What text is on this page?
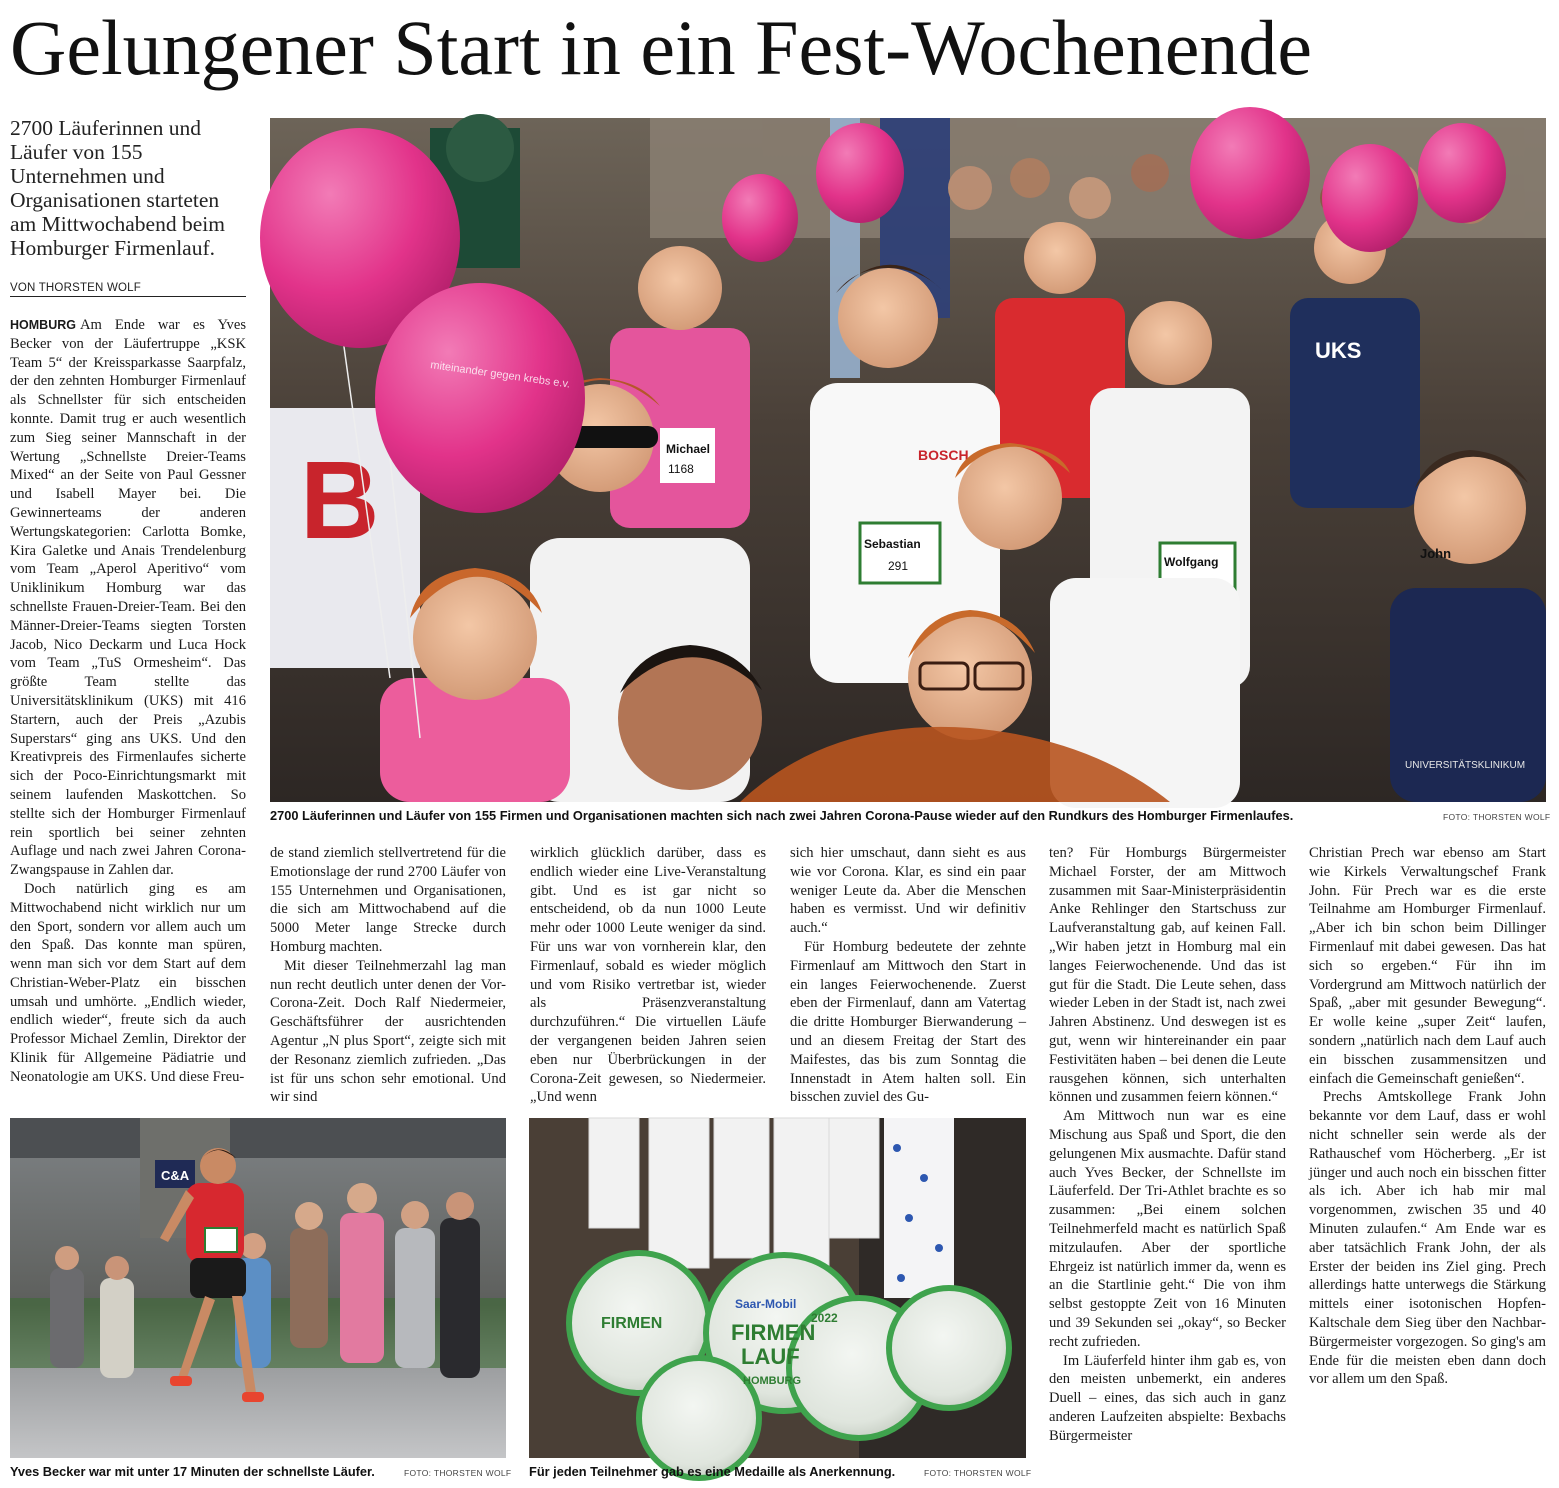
Gelungener Start in ein Fest-Wochenende
2700 Läuferinnen und Läufer von 155 Unternehmen und Organisationen starteten am Mittwochabend beim Homburger Firmenlauf.
VON THORSTEN WOLF

HOMBURG Am Ende war es Yves Becker von der Läufertruppe „KSK Team 5“ der Kreissparkasse Saarpfalz, der den zehnten Homburger Firmenlauf als Schnellster für sich entscheiden konnte. Damit trug er auch wesentlich zum Sieg seiner Mannschaft in der Wertung „Schnellste Dreier-Teams Mixed“ an der Seite von Paul Gessner und Isabell Mayer bei. Die Gewinnerteams der anderen Wertungskategorien: Carlotta Bomke, Kira Galetke und Anais Trendelenburg vom Team „Aperol Aperitivo“ vom Uniklinikum Homburg war das schnellste Frauen-Dreier-Team. Bei den Männer-Dreier-Teams siegten Torsten Jacob, Nico Deckarm und Luca Hock vom Team „TuS Ormesheim“. Das größte Team stellte das Universitätsklinikum (UKS) mit 416 Startern, auch der Preis „Azubis Superstars“ ging ans UKS. Und den Kreativpreis des Firmenlaufes sicherte sich der Poco-Einrichtungsmarkt mit seinem laufenden Maskottchen. So stellte sich der Homburger Firmenlauf rein sportlich bei seiner zehnten Auflage und nach zwei Jahren Corona-Zwangspause in Zahlen dar.

Doch natürlich ging es am Mittwochabend nicht wirklich nur um den Sport, sondern vor allem auch um den Spaß. Das konnte man spüren, wenn man sich vor dem Start auf dem Christian-Weber-Platz ein bisschen umsah und umhörte. „Endlich wieder, endlich wieder“, freute sich da auch Professor Michael Zemlin, Direktor der Klinik für Allgemeine Pädiatrie und Neonatologie am UKS. Und diese Freu-

B	Michael
1168
UKS
Wolfgang
BOSCH
Sebastian
291
UNIVERSITÄTSKLINIKUM
John
miteinander gegen krebs e.v.
2700 Läuferinnen und Läufer von 155 Firmen und Organisationen machten sich nach zwei Jahren Corona-Pause wieder auf den Rundkurs des Homburger Firmenlaufes.	FOTO: THORSTEN WOLF

de stand ziemlich stellvertretend für die Emotionslage der rund 2700 Läufer von 155 Unternehmen und Organisationen, die sich am Mittwochabend auf die 5000 Meter lange Strecke durch Homburg machten.

Mit dieser Teilnehmerzahl lag man nun recht deutlich unter denen der Vor-Corona-Zeit. Doch Ralf Niedermeier, Geschäftsführer der ausrichtenden Agentur „N plus Sport“, zeigte sich mit der Resonanz ziemlich zufrieden. „Das ist für uns schon sehr emotional. Und wir sind

wirklich glücklich darüber, dass es endlich wieder eine Live-Veranstaltung gibt. Und es ist gar nicht so entscheidend, ob da nun 1000 Leute mehr oder 1000 Leute weniger da sind. Für uns war von vornherein klar, den Firmenlauf, sobald es wieder möglich und vom Risiko vertretbar ist, wieder als Präsenzveranstaltung durchzuführen.“ Die virtuellen Läufe der vergangenen beiden Jahren seien eben nur Überbrückungen in der Corona-Zeit gewesen, so Niedermeier. „Und wenn

sich hier umschaut, dann sieht es aus wie vor Corona. Klar, es sind ein paar weniger Leute da. Aber die Menschen haben es vermisst. Und wir definitiv auch.“

Für Homburg bedeutete der zehnte Firmenlauf am Mittwoch den Start in ein langes Feierwochenende. Zuerst eben der Firmenlauf, dann am Vatertag die dritte Homburger Bierwanderung – und an diesem Freitag der Start des Maifestes, das bis zum Sonntag die Innenstadt in Atem halten soll. Ein bisschen zuviel des Gu-

ten? Für Homburgs Bürgermeister Michael Forster, der am Mittwoch zusammen mit Saar-Ministerpräsidentin Anke Rehlinger den Startschuss zur Laufveranstaltung gab, auf keinen Fall. „Wir haben jetzt in Homburg mal ein langes Feierwochenende. Und das ist gut für die Stadt. Die Leute sehen, dass wieder Leben in der Stadt ist, nach zwei Jahren Abstinenz. Und deswegen ist es gut, wenn wir hintereinander ein paar Festivitäten haben – bei denen die Leute rausgehen können, sich unterhalten können und zusammen feiern können.“

Am Mittwoch nun war es eine Mischung aus Spaß und Sport, die den gelungenen Mix ausmachte. Dafür stand auch Yves Becker, der Schnellste im Läuferfeld. Der Tri-Athlet brachte es so zusammen: „Bei einem solchen Teilnehmerfeld macht es natürlich Spaß mitzulaufen. Aber der sportliche Ehrgeiz ist natürlich immer da, wenn es an die Startlinie geht.“ Die von ihm selbst gestoppte Zeit von 16 Minuten und 39 Sekunden sei „okay“, so Becker recht zufrieden.

Im Läuferfeld hinter ihm gab es, von den meisten unbemerkt, ein anderes Duell – eines, das sich auch in ganz anderen Laufzeiten abspielte: Bexbachs Bürgermeister

Christian Prech war ebenso am Start wie Kirkels Verwaltungschef Frank John. Für Prech war es die erste Teilnahme am Homburger Firmenlauf. „Aber ich bin schon beim Dillinger Firmenlauf mit dabei gewesen. Das hat sich so ergeben.“ Für ihn im Vordergrund am Mittwoch natürlich der Spaß, „aber mit gesunder Bewegung“. Er wolle keine „super Zeit“ laufen, sondern „natürlich nach dem Lauf auch ein bisschen zusammensitzen und einfach die Gemeinschaft genießen“.

Prechs Amtskollege Frank John bekannte vor dem Lauf, dass er wohl nicht schneller sein werde als der Rathauschef vom Höcherberg. „Er ist jünger und auch noch ein bisschen fitter als ich. Aber ich hab mir mal vorgenommen, zwischen 35 und 40 Minuten zulaufen.“ Am Ende war es aber tatsächlich Frank John, der als Erster der beiden ins Ziel ging. Prech allerdings hatte unterwegs die Stärkung mittels einer isotonischen Hopfen-Kaltschale dem Sieg über den Nachbar-Bürgermeister vorgezogen. So ging's am Ende für die meisten eben dann doch vor allem um den Spaß.

C&A
Yves Becker war mit unter 17 Minuten der schnellste Läufer.	FOTO: THORSTEN WOLF
Saar-Mobil
FIRMEN
LAUF
2022
HOMBURG
FIRMEN
Für jeden Teilnehmer gab es eine Medaille als Anerkennung.	FOTO: THORSTEN WOLF
